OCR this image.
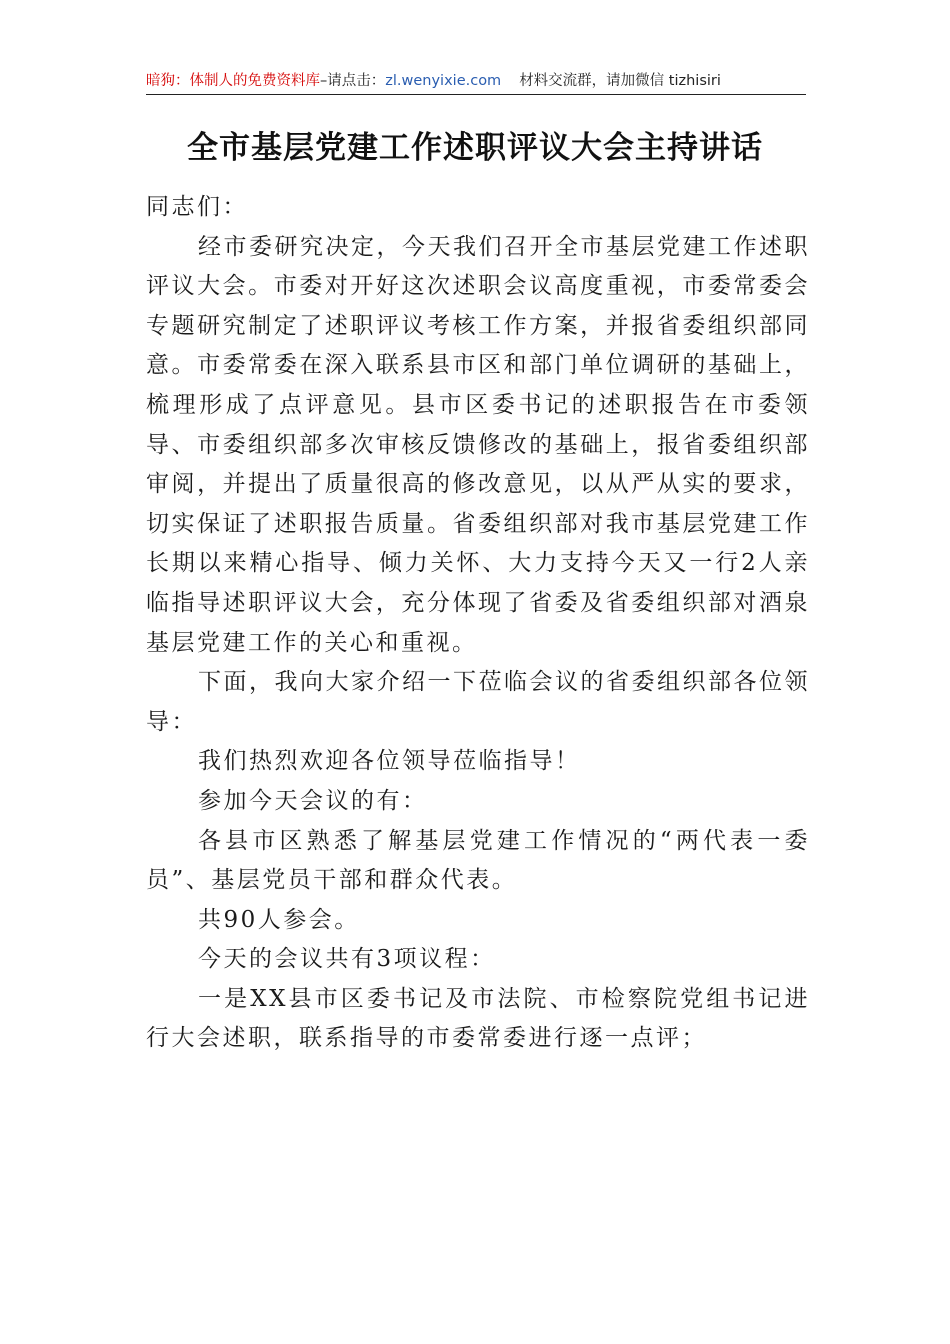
暗狗：体制人的免费资料库–请点击：zl.wenyixie.com 材料交流群，请加微信 tizhisiri
全市基层党建工作述职评议大会主持讲话

同志们：

经市委研究决定，今天我们召开全市基层党建工作述职评议大会。市委对开好这次述职会议高度重视，市委常委会专题研究制定了述职评议考核工作方案，并报省委组织部同意。市委常委在深入联系县市区和部门单位调研的基础上，梳理形成了点评意见。县市区委书记的述职报告在市委领导、市委组织部多次审核反馈修改的基础上，报省委组织部审阅，并提出了质量很高的修改意见，以从严从实的要求，切实保证了述职报告质量。省委组织部对我市基层党建工作长期以来精心指导、倾力关怀、大力支持今天又一行2人亲临指导述职评议大会，充分体现了省委及省委组织部对酒泉基层党建工作的关心和重视。

下面，我向大家介绍一下莅临会议的省委组织部各位领导：

我们热烈欢迎各位领导莅临指导！

参加今天会议的有：

各县市区熟悉了解基层党建工作情况的“两代表一委员”、基层党员干部和群众代表。

共90人参会。

今天的会议共有3项议程：

一是XX县市区委书记及市法院、市检察院党组书记进行大会述职，联系指导的市委常委进行逐一点评；
